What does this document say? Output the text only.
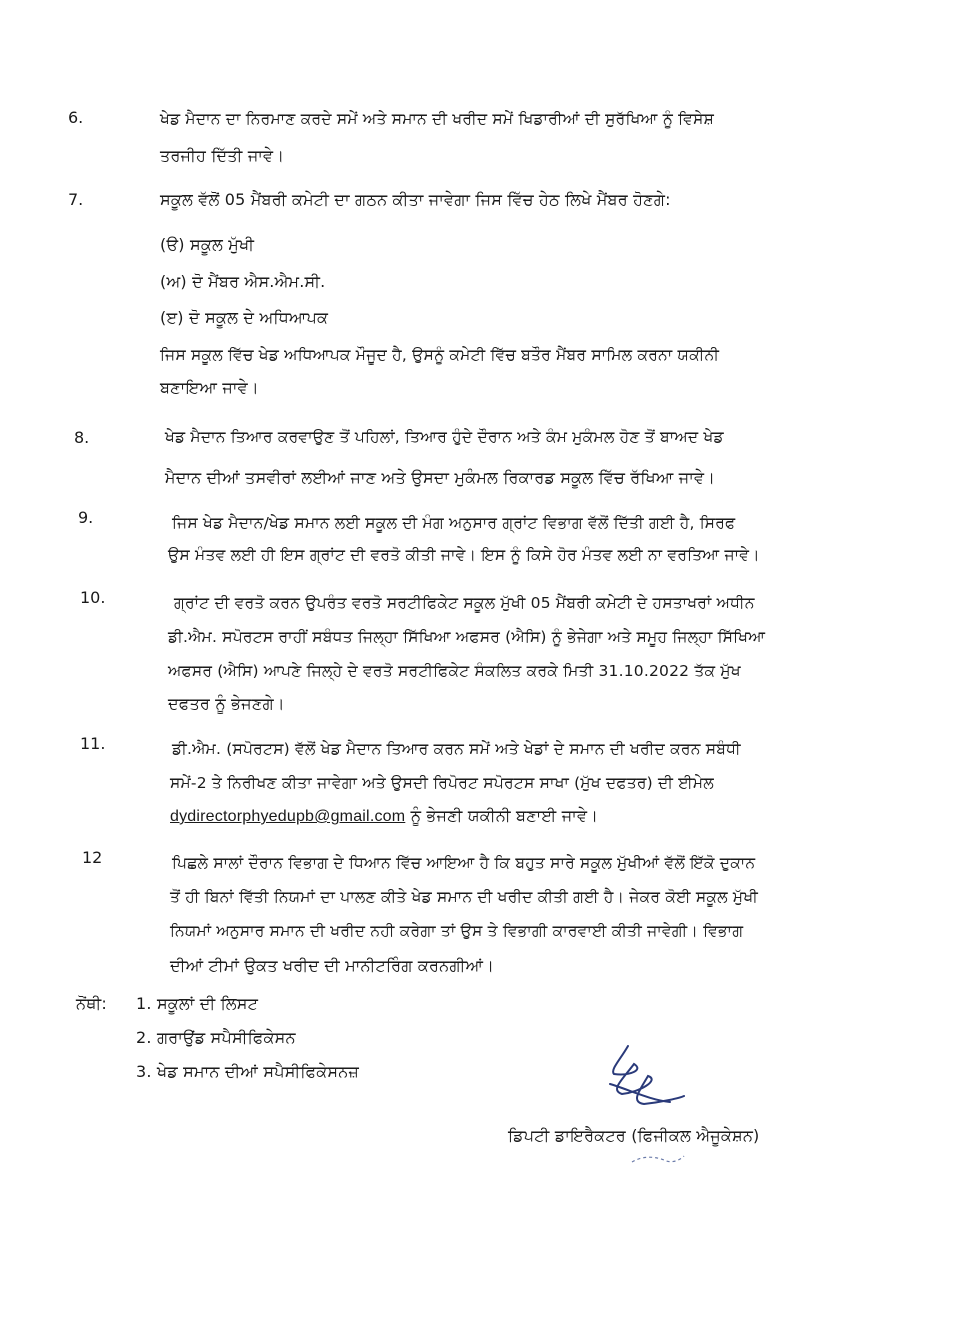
6.	ਖੇਡ ਮੈਦਾਨ ਦਾ ਨਿਰਮਾਣ ਕਰਦੇ ਸਮੇਂ ਅਤੇ ਸਮਾਨ ਦੀ ਖਰੀਦ ਸਮੇਂ ਖਿਡਾਰੀਆਂ ਦੀ ਸੁਰੱਖਿਆ ਨੂੰ ਵਿਸੇਸ਼
ਤਰਜੀਹ ਦਿੱਤੀ ਜਾਵੇ।
7.	ਸਕੂਲ ਵੱਲੋਂ 05 ਮੈਂਬਰੀ ਕਮੇਟੀ ਦਾ ਗਠਨ ਕੀਤਾ ਜਾਵੇਗਾ ਜਿਸ ਵਿੱਚ ਹੇਠ ਲਿਖੇ ਮੈਂਬਰ ਹੋਣਗੇ:
(ੳ) ਸਕੂਲ ਮੁੱਖੀ
(ਅ) ਦੋ ਮੈਂਬਰ ਐਸ.ਐਮ.ਸੀ.
(ੲ) ਦੋ ਸਕੂਲ ਦੇ ਅਧਿਆਪਕ
ਜਿਸ ਸਕੂਲ ਵਿੱਚ ਖੇਡ ਅਧਿਆਪਕ ਮੌਜੂਦ ਹੈ, ਉਸਨੂੰ ਕਮੇਟੀ ਵਿੱਚ ਬਤੌਰ ਮੈਂਬਰ ਸਾਮਿਲ ਕਰਨਾ ਯਕੀਨੀ
ਬਣਾਇਆ ਜਾਵੇ।
8.	ਖੇਡ ਮੈਦਾਨ ਤਿਆਰ ਕਰਵਾਉਣ ਤੋਂ ਪਹਿਲਾਂ, ਤਿਆਰ ਹੁੰਦੇ ਦੌਰਾਨ ਅਤੇ ਕੰਮ ਮੁਕੰਮਲ ਹੋਣ ਤੋਂ ਬਾਅਦ ਖੇਡ
ਮੈਦਾਨ ਦੀਆਂ ਤਸਵੀਰਾਂ ਲਈਆਂ ਜਾਣ ਅਤੇ ਉਸਦਾ ਮੁਕੰਮਲ ਰਿਕਾਰਡ ਸਕੂਲ ਵਿੱਚ ਰੱਖਿਆ ਜਾਵੇ।
9.	ਜਿਸ ਖੇਡ ਮੈਦਾਨ/ਖੇਡ ਸਮਾਨ ਲਈ ਸਕੂਲ ਦੀ ਮੰਗ ਅਨੁਸਾਰ ਗ੍ਰਾਂਟ ਵਿਭਾਗ ਵੱਲੋਂ ਦਿੱਤੀ ਗਈ ਹੈ, ਸਿਰਫ
ਉਸ ਮੰਤਵ ਲਈ ਹੀ ਇਸ ਗ੍ਰਾਂਟ ਦੀ ਵਰਤੋ ਕੀਤੀ ਜਾਵੇ। ਇਸ ਨੂੰ ਕਿਸੇ ਹੋਰ ਮੰਤਵ ਲਈ ਨਾ ਵਰਤਿਆ ਜਾਵੇ।
10.	ਗ੍ਰਾਂਟ ਦੀ ਵਰਤੋ ਕਰਨ ਉਪਰੰਤ ਵਰਤੋ ਸਰਟੀਫਿਕੇਟ ਸਕੂਲ ਮੁੱਖੀ 05 ਮੈਂਬਰੀ ਕਮੇਟੀ ਦੇ ਹਸਤਾਖਰਾਂ ਅਧੀਨ
ਡੀ.ਐਮ. ਸਪੋਰਟਸ ਰਾਹੀਂ ਸਬੰਧਤ ਜਿਲ੍ਹਾ ਸਿੱਖਿਆ ਅਫਸਰ (ਐਸਿ) ਨੂੰ ਭੇਜੇਗਾ ਅਤੇ ਸਮੂਹ ਜਿਲ੍ਹਾ ਸਿੱਖਿਆ
ਅਫਸਰ (ਐਸਿ) ਆਪਣੇ ਜਿਲ੍ਹੇ ਦੇ ਵਰਤੋ ਸਰਟੀਫਿਕੇਟ ਸੰਕਲਿਤ ਕਰਕੇ ਮਿਤੀ 31.10.2022 ਤੱਕ ਮੁੱਖ
ਦਫਤਰ ਨੂੰ ਭੇਜਣਗੇ।
11.	ਡੀ.ਐਮ. (ਸਪੋਰਟਸ) ਵੱਲੋਂ ਖੇਡ ਮੈਦਾਨ ਤਿਆਰ ਕਰਨ ਸਮੇਂ ਅਤੇ ਖੇਡਾਂ ਦੇ ਸਮਾਨ ਦੀ ਖਰੀਦ ਕਰਨ ਸਬੰਧੀ
ਸਮੇਂ-2 ਤੇ ਨਿਰੀਖਣ ਕੀਤਾ ਜਾਵੇਗਾ ਅਤੇ ਉਸਦੀ ਰਿਪੋਰਟ ਸਪੋਰਟਸ ਸਾਖਾ (ਮੁੱਖ ਦਫਤਰ) ਦੀ ਈਮੇਲ
dydirectorphyedupb@gmail.com ਨੂੰ ਭੇਜਣੀ ਯਕੀਨੀ ਬਣਾਈ ਜਾਵੇ।
12	ਪਿਛਲੇ ਸਾਲਾਂ ਦੌਰਾਨ ਵਿਭਾਗ ਦੇ ਧਿਆਨ ਵਿੱਚ ਆਇਆ ਹੈ ਕਿ ਬਹੁਤ ਸਾਰੇ ਸਕੂਲ ਮੁੱਖੀਆਂ ਵੱਲੋਂ ਇੱਕੋ ਦੁਕਾਨ
ਤੋਂ ਹੀ ਬਿਨਾਂ ਵਿੱਤੀ ਨਿਯਮਾਂ ਦਾ ਪਾਲਣ ਕੀਤੇ ਖੇਡ ਸਮਾਨ ਦੀ ਖਰੀਦ ਕੀਤੀ ਗਈ ਹੈ। ਜੇਕਰ ਕੋਈ ਸਕੂਲ ਮੁੱਖੀ
ਨਿਯਮਾਂ ਅਨੁਸਾਰ ਸਮਾਨ ਦੀ ਖਰੀਦ ਨਹੀ ਕਰੇਗਾ ਤਾਂ ਉਸ ਤੇ ਵਿਭਾਗੀ ਕਾਰਵਾਈ ਕੀਤੀ ਜਾਵੇਗੀ। ਵਿਭਾਗ
ਦੀਆਂ ਟੀਮਾਂ ਉਕਤ ਖਰੀਦ ਦੀ ਮਾਨੀਟਰਿੰਗ ਕਰਨਗੀਆਂ।
ਨੋਂਥੀ: 1. ਸਕੂਲਾਂ ਦੀ ਲਿਸਟ
2. ਗਰਾਉਂਡ ਸਪੈਸੀਫਿਕੇਸਨ
3. ਖੇਡ ਸਮਾਨ ਦੀਆਂ ਸਪੈਸੀਫਿਕੇਸਨਜ਼
ਡਿਪਟੀ ਡਾਇਰੈਕਟਰ (ਫਿਜੀਕਲ ਐਜੂਕੇਸ਼ਨ)
